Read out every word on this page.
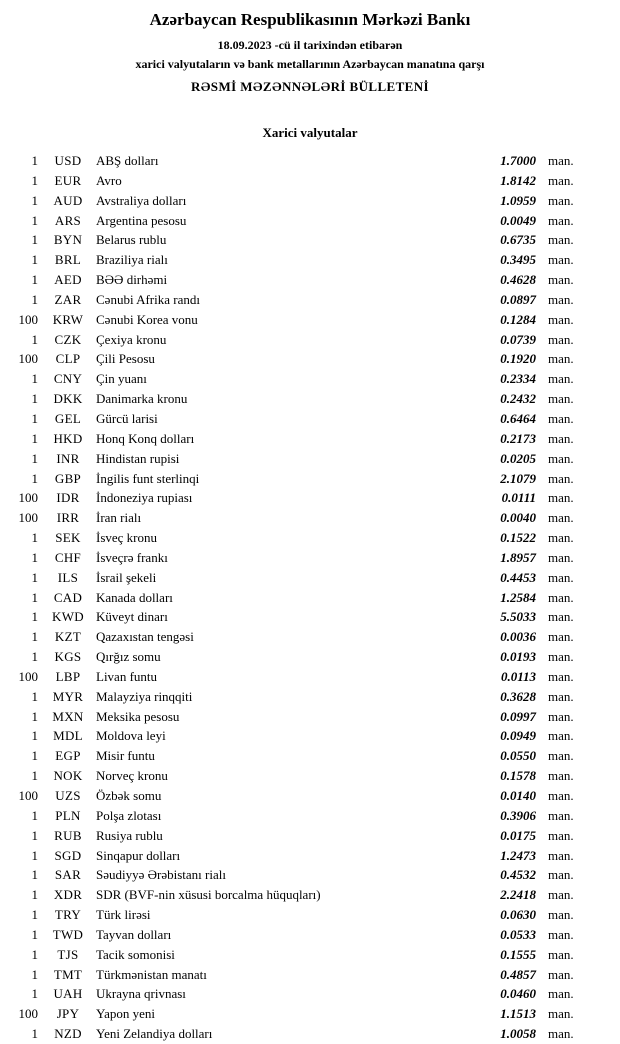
Azərbaycan Respublikasının Mərkəzi Bankı
18.09.2023 -cü il tarixindən etibarən
xarici valyutaların və bank metallarının Azərbaycan manatına qarşı
RƏSMİ MƏZƏNNƏLƏRİ BÜLLETENİ
Xarici valyutalar
1	USD	ABŞ dolları	1.7000 man.
1	EUR	Avro	1.8142 man.
1	AUD	Avstraliya dolları	1.0959 man.
1	ARS	Argentina pesosu	0.0049 man.
1	BYN	Belarus rublu	0.6735 man.
1	BRL	Braziliya rialı	0.3495 man.
1	AED	BƏƏ dirhəmi	0.4628 man.
1	ZAR	Cənubi Afrika randı	0.0897 man.
100	KRW Cənubi Korea vonu	0.1284 man.
1	CZK	Çexiya kronu	0.0739 man.
100	CLP	Çili Pesosu	0.1920 man.
1	CNY	Çin yuanı	0.2334 man.
1	DKK	Danimarka kronu	0.2432 man.
1	GEL	Gürcü larisi	0.6464 man.
1	HKD	Honq Konq dolları	0.2173 man.
1	INR	Hindistan rupisi	0.0205 man.
1	GBP	İngilis funt sterlinqi	2.1079 man.
100	IDR	İndoneziya rupiası	0.0111 man.
100	IRR	İran rialı	0.0040 man.
1	SEK	İsveç kronu	0.1522 man.
1	CHF	İsveçrə frankı	1.8957 man.
1	ILS	İsrail şekeli	0.4453 man.
1	CAD	Kanada dolları	1.2584 man.
1	KWD Küveyt dinarı	5.5033 man.
1	KZT	Qazaxıstan tengəsi	0.0036 man.
1	KGS	Qırğız somu	0.0193 man.
100	LBP	Livan funtu	0.0113 man.
1	MYR Malayziya rinqqiti	0.3628 man.
1	MXN Meksika pesosu	0.0997 man.
1	MDL	Moldova leyi	0.0949 man.
1	EGP	Misir funtu	0.0550 man.
1	NOK	Norveç kronu	0.1578 man.
100	UZS	Özbək somu	0.0140 man.
1	PLN	Polşa zlotası	0.3906 man.
1	RUB	Rusiya rublu	0.0175 man.
1	SGD	Sinqapur dolları	1.2473 man.
1	SAR	Səudiyyə Ərəbistanı rialı	0.4532 man.
1	XDR	SDR (BVF-nin xüsusi borcalma hüquqları)	2.2418 man.
1	TRY	Türk lirəsi	0.0630 man.
1	TWD Tayvan dolları	0.0533 man.
1	TJS	Tacik somonisi	0.1555 man.
1	TMT	Türkmənistan manatı	0.4857 man.
1	UAH	Ukrayna qrivnası	0.0460 man.
100	JPY	Yapon yeni	1.1513 man.
1	NZD	Yeni Zelandiya dolları	1.0058 man.
